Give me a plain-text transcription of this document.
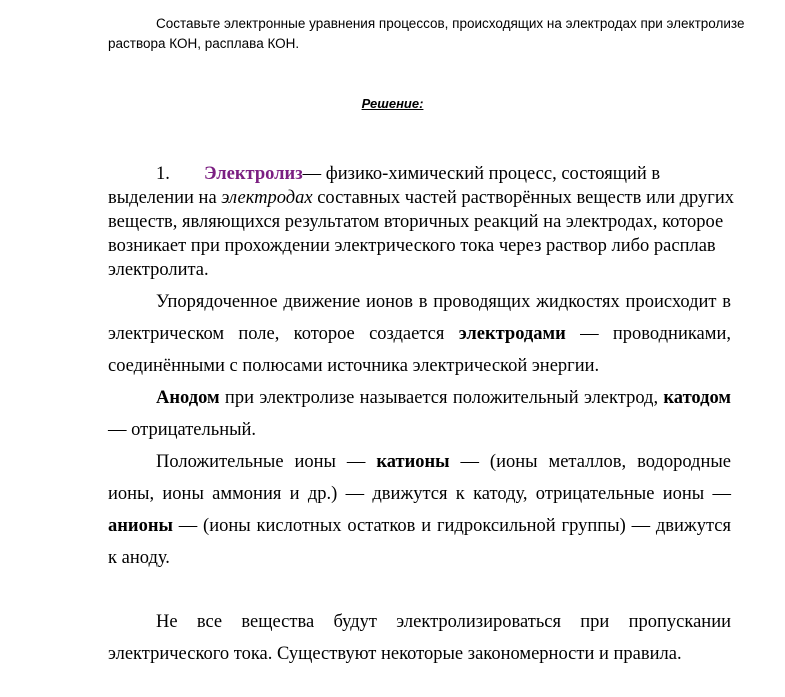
Составьте электронные уравнения процессов, происходящих на электродах при электролизе раствора КОН, расплава КОН.

Решение:

1. Электролиз— физико-химический процесс, состоящий в выделении на электродах составных частей растворённых веществ или других веществ, являющихся результатом вторичных реакций на электродах, которое возникает при прохождении электрического тока через раствор либо расплав электролита.

Упорядоченное движение ионов в проводящих жидкостях происходит в электрическом поле, которое создается электродами — проводниками, соединёнными с полюсами источника электрической энергии.

Анодом при электролизе называется положительный электрод, катодом — отрицательный.

Положительные ионы — катионы — (ионы металлов, водородные ионы, ионы аммония и др.) — движутся к катоду, отрицательные ионы — анионы — (ионы кислотных остатков и гидроксильной группы) — движутся к аноду.

Не все вещества будут электролизироваться при пропускании электрического тока. Существуют некоторые закономерности и правила.
